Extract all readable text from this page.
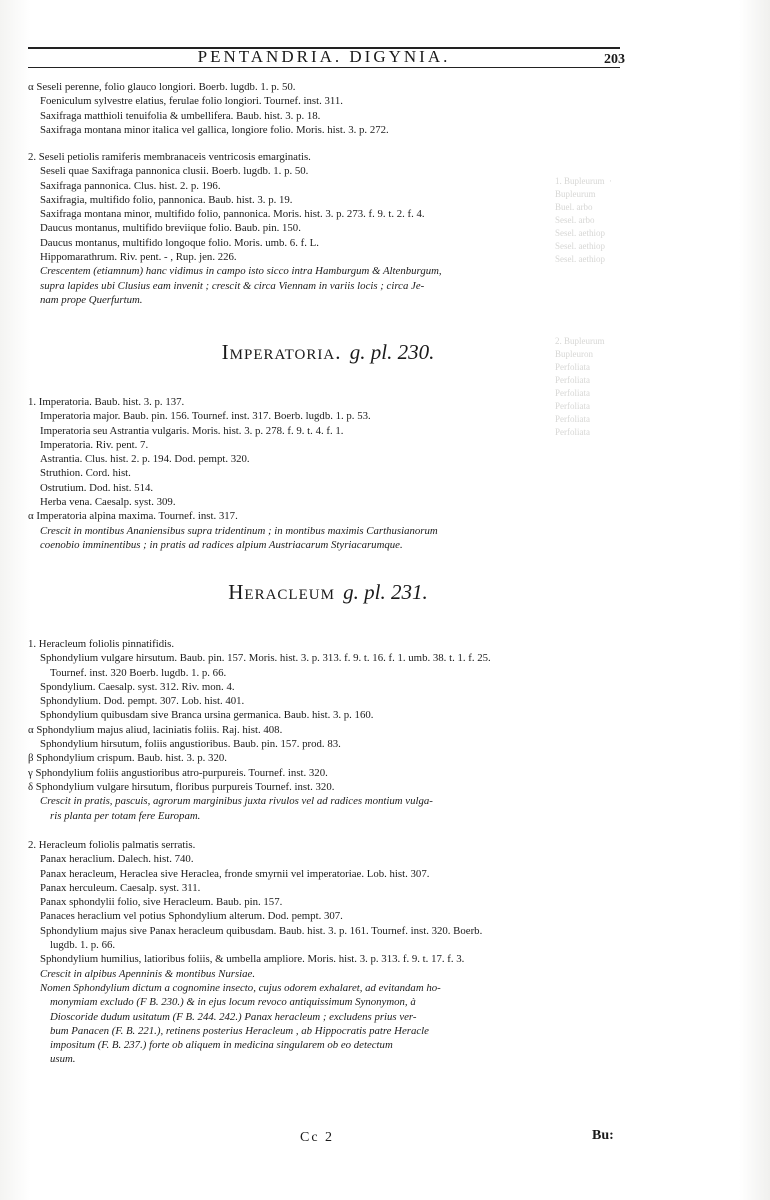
PENTANDRIA. DIGYNIA.	203
1. Bupleurum  ·
Bupleurum
Buel. arbo
Sesel. arbo
Sesel. aethiop
Sesel. aethiop
Sesel. aethiop
2. Bupleurum
Bupleuron
Perfoliata
Perfoliata
Perfoliata
Perfoliata
Perfoliata
Perfoliata
α Seseli perenne, folio glauco longiori. Boerb. lugdb. 1. p. 50.
Foeniculum sylvestre elatius, ferulae folio longiori. Tournef. inst. 311.
Saxifraga matthioli tenuifolia & umbellifera. Baub. hist. 3. p. 18.
Saxifraga montana minor italica vel gallica, longiore folio. Moris. hist. 3. p. 272.
2. Seseli petiolis ramiferis membranaceis ventricosis emarginatis.
Seseli quae Saxifraga pannonica clusii. Boerb. lugdb. 1. p. 50.
Saxifraga pannonica. Clus. hist. 2. p. 196.
Saxifragia, multifido folio, pannonica. Baub. hist. 3. p. 19.
Saxifraga montana minor, multifido folio, pannonica. Moris. hist. 3. p. 273. f. 9. t. 2. f. 4.
Daucus montanus, multifido breviique folio. Baub. pin. 150.
Daucus montanus, multifido longoque folio. Moris. umb. 6. f. L.
Hippomarathrum. Riv. pent. - , Rup. jen. 226.
Crescentem (etiamnum) hanc vidimus in campo isto sicco intra Hamburgum & Altenburgum,
supra lapides ubi Clusius eam invenit ; crescit & circa Viennam in variis locis ; circa Je-
nam prope Querfurtum.
Imperatoria. g. pl. 230.
1. Imperatoria. Baub. hist. 3. p. 137.
Imperatoria major. Baub. pin. 156. Tournef. inst. 317. Boerb. lugdb. 1. p. 53.
Imperatoria seu Astrantia vulgaris. Moris. hist. 3. p. 278. f. 9. t. 4. f. 1.
Imperatoria. Riv. pent. 7.
Astrantia. Clus. hist. 2. p. 194. Dod. pempt. 320.
Struthion. Cord. hist.
Ostrutium. Dod. hist. 514.
Herba vena. Caesalp. syst. 309.
α Imperatoria alpina maxima. Tournef. inst. 317.
Crescit in montibus Ananiensibus supra tridentinum ; in montibus maximis Carthusianorum
coenobio imminentibus ; in pratis ad radices alpium Austriacarum Styriacarumque.
Heracleum g. pl. 231.
1. Heracleum foliolis pinnatifidis.
Sphondylium vulgare hirsutum. Baub. pin. 157. Moris. hist. 3. p. 313. f. 9. t. 16. f. 1. umb. 38. t. 1. f. 25.
Tournef. inst. 320 Boerb. lugdb. 1. p. 66.
Spondylium. Caesalp. syst. 312. Riv. mon. 4.
Sphondylium. Dod. pempt. 307. Lob. hist. 401.
Sphondylium quibusdam sive Branca ursina germanica. Baub. hist. 3. p. 160.
α Sphondylium majus aliud, laciniatis foliis. Raj. hist. 408.
Sphondylium hirsutum, foliis angustioribus. Baub. pin. 157. prod. 83.
β Sphondylium crispum. Baub. hist. 3. p. 320.
γ Sphondylium foliis angustioribus atro-purpureis. Tournef. inst. 320.
δ Sphondylium vulgare hirsutum, floribus purpureis Tournef. inst. 320.
Crescit in pratis, pascuis, agrorum marginibus juxta rivulos vel ad radices montium vulga-
ris planta per totam fere Europam.
2. Heracleum foliolis palmatis serratis.
Panax heraclium. Dalech. hist. 740.
Panax heracleum, Heraclea sive Heraclea, fronde smyrnii vel imperatoriae. Lob. hist. 307.
Panax herculeum. Caesalp. syst. 311.
Panax sphondylii folio, sive Heracleum. Baub. pin. 157.
Panaces heraclium vel potius Sphondylium alterum. Dod. pempt. 307.
Sphondylium majus sive Panax heracleum quibusdam. Baub. hist. 3. p. 161. Tournef. inst. 320. Boerb.
lugdb. 1. p. 66.
Sphondylium humilius, latioribus foliis, & umbella ampliore. Moris. hist. 3. p. 313. f. 9. t. 17. f. 3.
Crescit in alpibus Apenninis & montibus Nursiae.
Nomen Sphondylium dictum a cognomine insecto, cujus odorem exhalaret, ad evitandam ho-
monymiam excludo (F B. 230.) & in ejus locum revoco antiquissimum Synonymon, à
Dioscoride dudum usitatum (F B. 244. 242.) Panax heracleum ; excludens prius ver-
bum Panacen (F. B. 221.), retinens posterius Heracleum , ab Hippocratis patre Heracle
impositum (F. B. 237.) forte ob aliquem in medicina singularem ob eo detectum
usum.
Cc 2	Bu:
